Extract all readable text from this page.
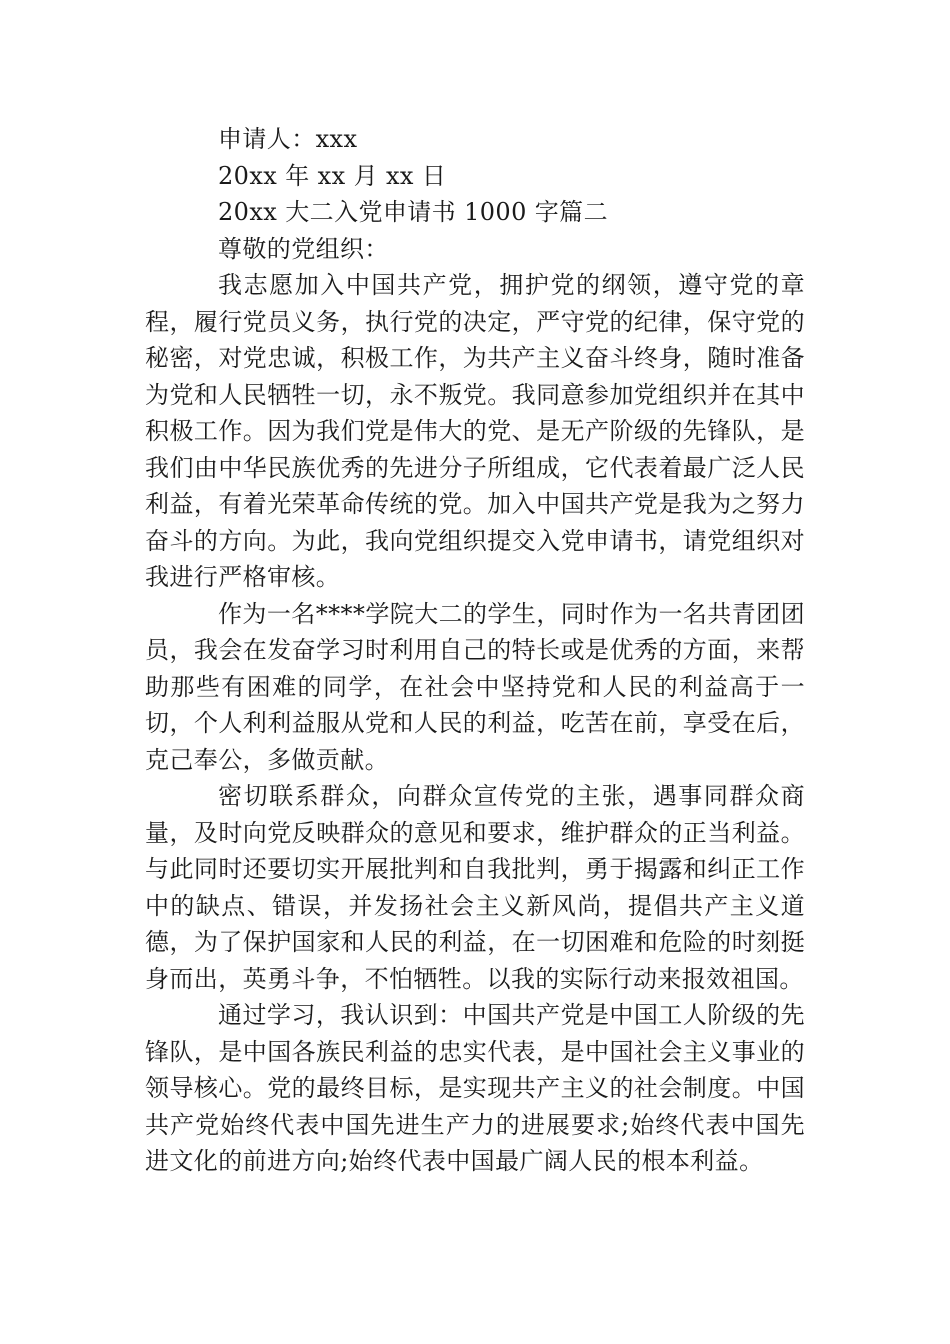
申请人：xxx

20xx 年 xx 月 xx 日

20xx 大二入党申请书 1000 字篇二

尊敬的党组织：

我志愿加入中国共产党，拥护党的纲领，遵守党的章程，履行党员义务，执行党的决定，严守党的纪律，保守党的秘密，对党忠诚，积极工作，为共产主义奋斗终身，随时准备为党和人民牺牲一切，永不叛党。我同意参加党组织并在其中积极工作。因为我们党是伟大的党、是无产阶级的先锋队，是我们由中华民族优秀的先进分子所组成，它代表着最广泛人民利益，有着光荣革命传统的党。加入中国共产党是我为之努力奋斗的方向。为此，我向党组织提交入党申请书，请党组织对我进行严格审核。

作为一名****学院大二的学生，同时作为一名共青团团员，我会在发奋学习时利用自己的特长或是优秀的方面，来帮助那些有困难的同学，在社会中坚持党和人民的利益高于一切，个人利利益服从党和人民的利益，吃苦在前，享受在后，克己奉公，多做贡献。

密切联系群众，向群众宣传党的主张，遇事同群众商量，及时向党反映群众的意见和要求，维护群众的正当利益。与此同时还要切实开展批判和自我批判，勇于揭露和纠正工作中的缺点、错误，并发扬社会主义新风尚，提倡共产主义道德，为了保护国家和人民的利益，在一切困难和危险的时刻挺身而出，英勇斗争，不怕牺牲。以我的实际行动来报效祖国。

通过学习，我认识到：中国共产党是中国工人阶级的先锋队，是中国各族民利益的忠实代表，是中国社会主义事业的领导核心。党的最终目标，是实现共产主义的社会制度。中国共产党始终代表中国先进生产力的进展要求;始终代表中国先进文化的前进方向;始终代表中国最广阔人民的根本利益。
